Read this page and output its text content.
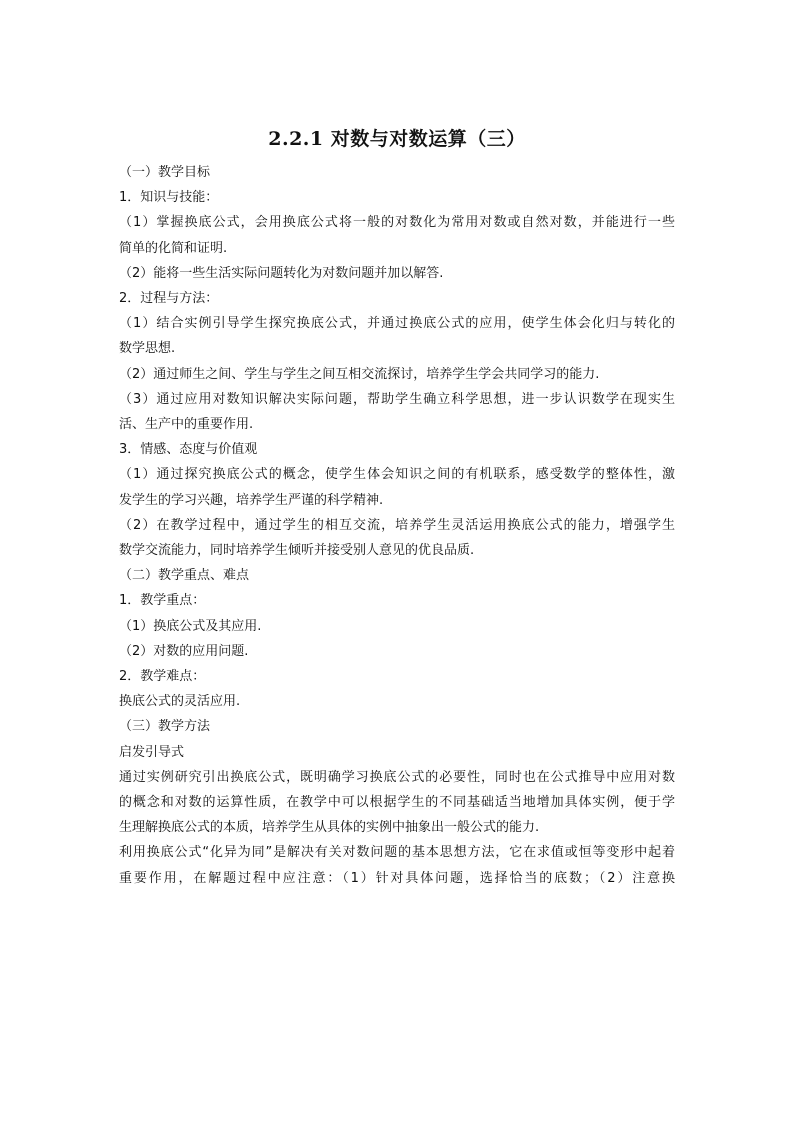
2.2.1 对数与对数运算（三）

（一）教学目标

1．知识与技能：

（1）掌握换底公式，会用换底公式将一般的对数化为常用对数或自然对数，并能进行一些

简单的化简和证明.

（2）能将一些生活实际问题转化为对数问题并加以解答.

2．过程与方法：

（1）结合实例引导学生探究换底公式，并通过换底公式的应用，使学生体会化归与转化的

数学思想.

（2）通过师生之间、学生与学生之间互相交流探讨，培养学生学会共同学习的能力.

（3）通过应用对数知识解决实际问题，帮助学生确立科学思想，进一步认识数学在现实生

活、生产中的重要作用.

3．情感、态度与价值观

（1）通过探究换底公式的概念，使学生体会知识之间的有机联系，感受数学的整体性，激

发学生的学习兴趣，培养学生严谨的科学精神.

（2）在教学过程中，通过学生的相互交流，培养学生灵活运用换底公式的能力，增强学生

数学交流能力，同时培养学生倾听并接受别人意见的优良品质.

（二）教学重点、难点

1．教学重点：

（1）换底公式及其应用.

（2）对数的应用问题.

2．教学难点：

换底公式的灵活应用.

（三）教学方法

启发引导式

通过实例研究引出换底公式，既明确学习换底公式的必要性，同时也在公式推导中应用对数

的概念和对数的运算性质，在教学中可以根据学生的不同基础适当地增加具体实例，便于学

生理解换底公式的本质，培养学生从具体的实例中抽象出一般公式的能力.

利用换底公式“化异为同”是解决有关对数问题的基本思想方法，它在求值或恒等变形中起着

重要作用，在解题过程中应注意：（1）针对具体问题，选择恰当的底数；（2）注意换
